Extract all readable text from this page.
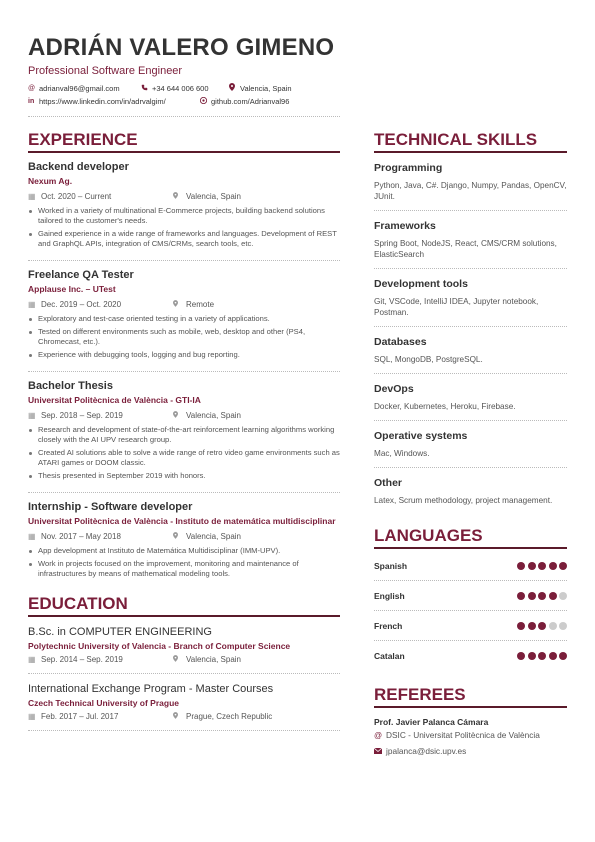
ADRIÁN VALERO GIMENO
Professional Software Engineer
@ adrianval96@gmail.com	+34 644 006 600	Valencia, Spain
in https://www.linkedin.com/in/adrvalgim/	github.com/Adrianval96
EXPERIENCE
Backend developer
Nexum Ag.
▦ Oct. 2020 – Current	Valencia, Spain
Worked in a variety of multinational E-Commerce projects, building backend solutions tailored to the customer's needs.
Gained experience in a wide range of frameworks and languages. Development of REST and GraphQL APIs, integration of CMS/CRMs, search tools, etc.
Freelance QA Tester
Applause Inc. – UTest
▦ Dec. 2019 – Oct. 2020	Remote
Exploratory and test-case oriented testing in a variety of applications.
Tested on different environments such as mobile, web, desktop and other (PS4, Chromecast, etc.).
Experience with debugging tools, logging and bug reporting.
Bachelor Thesis
Universitat Politècnica de València - GTI-IA
▦ Sep. 2018 – Sep. 2019	Valencia, Spain
Research and development of state-of-the-art reinforcement learning algorithms working closely with the AI UPV research group.
Created AI solutions able to solve a wide range of retro video game environments such as ATARI games or DOOM classic.
Thesis presented in September 2019 with honors.
Internship - Software developer
Universitat Politècnica de València - Instituto de matemática multidisciplinar
▦ Nov. 2017 – May 2018	Valencia, Spain
App development at Instituto de Matemática Multidisciplinar (IMM-UPV).
Work in projects focused on the improvement, monitoring and maintenance of infrastructures by means of mathematical modeling tools.
EDUCATION
B.Sc. in COMPUTER ENGINEERING
Polytechnic University of Valencia - Branch of Computer Science
▦ Sep. 2014 – Sep. 2019	Valencia, Spain
International Exchange Program - Master Courses
Czech Technical University of Prague
▦ Feb. 2017 – Jul. 2017	Prague, Czech Republic
TECHNICAL SKILLS
Programming
Python, Java, C#. Django, Numpy, Pandas, OpenCV, JUnit.
Frameworks
Spring Boot, NodeJS, React, CMS/CRM solutions, ElasticSearch
Development tools
Git, VSCode, IntelliJ IDEA, Jupyter notebook, Postman.
Databases
SQL, MongoDB, PostgreSQL.
DevOps
Docker, Kubernetes, Heroku, Firebase.
Operative systems
Mac, Windows.
Other
Latex, Scrum methodology, project management.
LANGUAGES
Spanish
English
French
Catalan
REFEREES
Prof. Javier Palanca Cámara
@ DSIC - Universitat Politècnica de València
jpalanca@dsic.upv.es
